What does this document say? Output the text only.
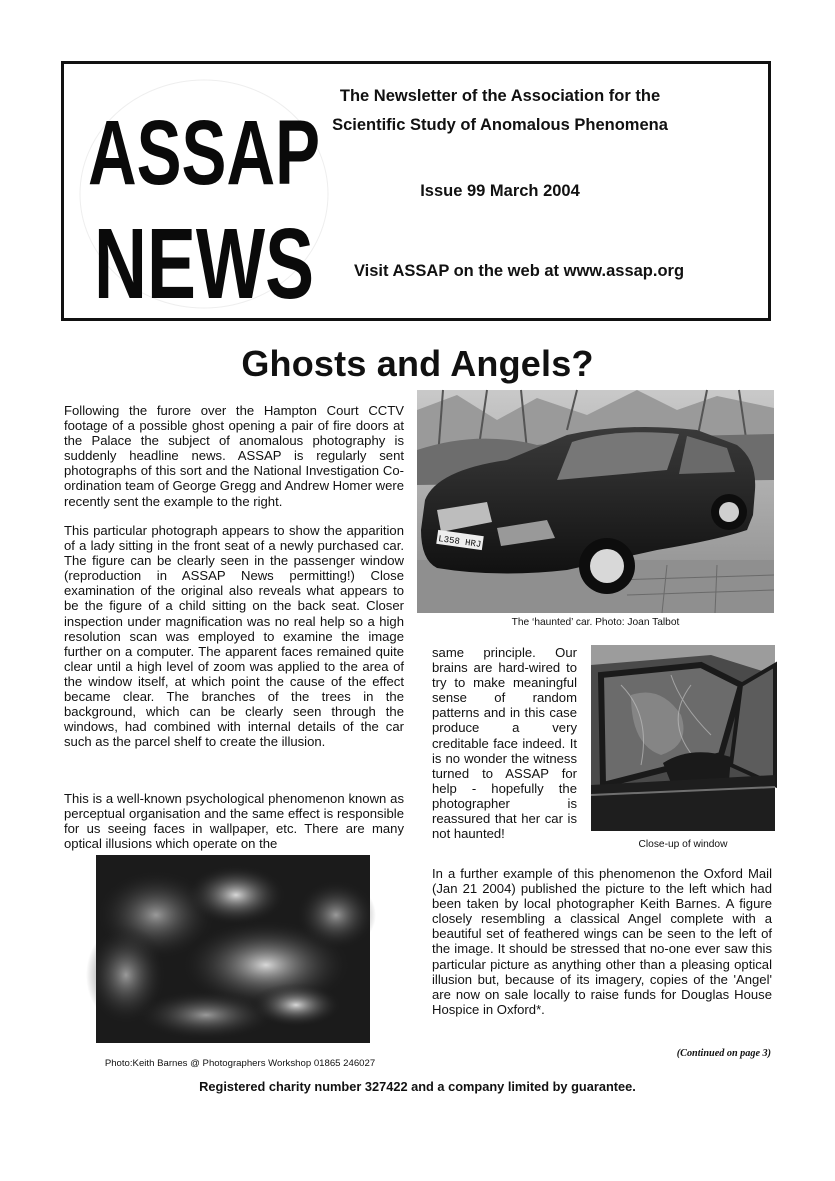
ASSAP
NEWS
The Newsletter of the Association for the
Scientific Study of Anomalous Phenomena
Issue 99 March 2004
Visit ASSAP on the web at www.assap.org
Ghosts and Angels?

Following the furore over the Hampton Court CCTV footage of a possible ghost opening a pair of fire doors at the Palace the subject of anomalous photography is suddenly headline news. ASSAP is regularly sent photographs of this sort and the National Investigation Co-ordination team of George Gregg and Andrew Homer were recently sent the example to the right.

This particular photograph appears to show the apparition of a lady sitting in the front seat of a newly purchased car. The figure can be clearly seen in the passenger window (reproduction in ASSAP News permitting!) Close examination of the original also reveals what appears to be the figure of a child sitting on the back seat. Closer inspection under magnification was no real help so a high resolution scan was employed to examine the image further on a computer. The apparent faces remained quite clear until a high level of zoom was applied to the area of the window itself, at which point the cause of the effect became clear. The branches of the trees in the background, which can be clearly seen through the windows, had combined with internal details of the car such as the parcel shelf to create the illusion.

This is a well-known psychological phenomenon known as perceptual organisation and the same effect is responsible for us seeing faces in wallpaper, etc. There are many optical illusions which operate on the

L358 HRJ
The ‘haunted’ car. Photo: Joan Talbot

same principle. Our brains are hard-wired to try to make meaningful sense of random patterns and in this case produce a very creditable face indeed. It is no wonder the witness turned to ASSAP for help - hopefully the photographer is reassured that her car is not haunted!

Close-up of window

In a further example of this phenomenon the Oxford Mail (Jan 21 2004) published the picture to the left which had been taken by local photographer Keith Barnes. A figure closely resembling a classical Angel complete with a beautiful set of feathered wings can be seen to the left of the image. It should be stressed that no-one ever saw this particular picture as anything other than a pleasing optical illusion but, because of its imagery, copies of the 'Angel' are now on sale locally to raise funds for Douglas House Hospice in Oxford*.

Photo:Keith Barnes @ Photographers Workshop 01865 246027
(Continued on page 3)
Registered charity number 327422 and a company limited by guarantee.
